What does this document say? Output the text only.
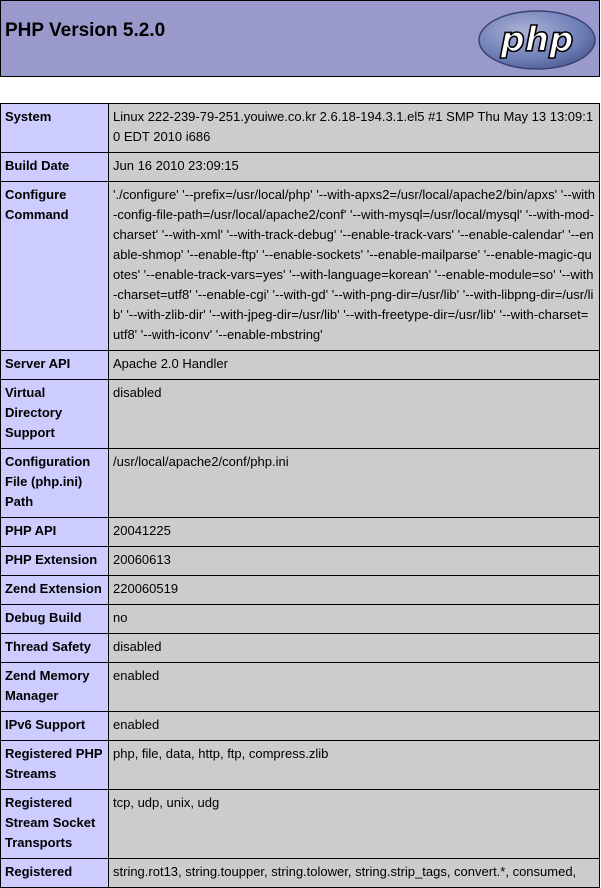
PHP Version 5.2.0	php
System	Linux 222-239-79-251.youiwe.co.kr 2.6.18-194.3.1.el5 #1 SMP Thu May 13 13:09:10 EDT 2010 i686
Build Date	Jun 16 2010 23:09:15
Configure Command	'./configure' '--prefix=/usr/local/php' '--with-apxs2=/usr/local/apache2/bin/apxs' '--with-config-file-path=/usr/local/apache2/conf' '--with-mysql=/usr/local/mysql' '--with-mod-charset' '--with-xml' '--with-track-debug' '--enable-track-vars' '--enable-calendar' '--enable-shmop' '--enable-ftp' '--enable-sockets' '--enable-mailparse' '--enable-magic-quotes' '--enable-track-vars=yes' '--with-language=korean' '--enable-module=so' '--with-charset=utf8' '--enable-cgi' '--with-gd' '--with-png-dir=/usr/lib' '--with-libpng-dir=/usr/lib' '--with-zlib-dir' '--with-jpeg-dir=/usr/lib' '--with-freetype-dir=/usr/lib' '--with-charset=utf8' '--with-iconv' '--enable-mbstring'
Server API	Apache 2.0 Handler
Virtual Directory Support	disabled
Configuration File (php.ini) Path	/usr/local/apache2/conf/php.ini
PHP API	20041225
PHP Extension	20060613
Zend Extension	220060519
Debug Build	no
Thread Safety	disabled
Zend Memory Manager	enabled
IPv6 Support	enabled
Registered PHP Streams	php, file, data, http, ftp, compress.zlib
Registered Stream Socket Transports	tcp, udp, unix, udg
Registered	string.rot13, string.toupper, string.tolower, string.strip_tags, convert.*, consumed,
